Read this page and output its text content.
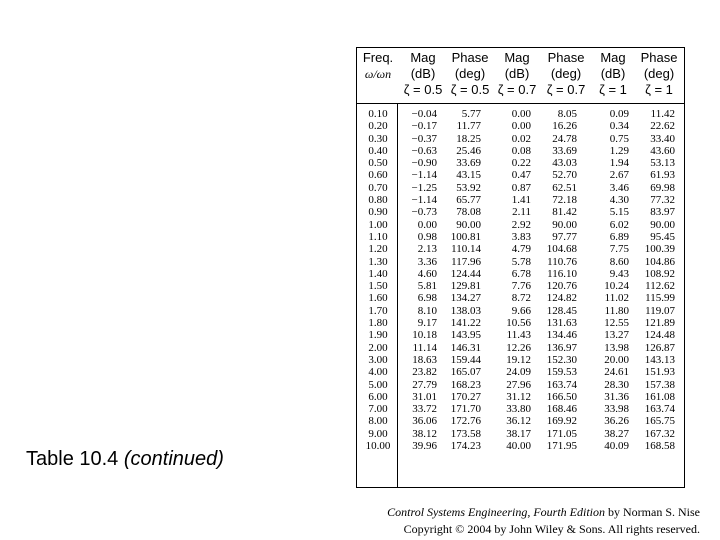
Table 10.4 (continued)
Freq.
ω/ωn
Mag
(dB)
ζ = 0.5
Phase
(deg)
ζ = 0.5
Mag
(dB)
ζ = 0.7
Phase
(deg)
ζ = 0.7
Mag
(dB)
ζ = 1
Phase
(deg)
ζ = 1
0.10
0.20
0.30
0.40
0.50
0.60
0.70
0.80
0.90
1.00
1.10
1.20
1.30
1.40
1.50
1.60
1.70
1.80
1.90
2.00
3.00
4.00
5.00
6.00
7.00
8.00
9.00
10.00
−0.04
−0.17
−0.37
−0.63
−0.90
−1.14
−1.25
−1.14
−0.73
0.00
0.98
2.13
3.36
4.60
5.81
6.98
8.10
9.17
10.18
11.14
18.63
23.82
27.79
31.01
33.72
36.06
38.12
39.96
5.77
11.77
18.25
25.46
33.69
43.15
53.92
65.77
78.08
90.00
100.81
110.14
117.96
124.44
129.81
134.27
138.03
141.22
143.95
146.31
159.44
165.07
168.23
170.27
171.70
172.76
173.58
174.23
0.00
0.00
0.02
0.08
0.22
0.47
0.87
1.41
2.11
2.92
3.83
4.79
5.78
6.78
7.76
8.72
9.66
10.56
11.43
12.26
19.12
24.09
27.96
31.12
33.80
36.12
38.17
40.00
8.05
16.26
24.78
33.69
43.03
52.70
62.51
72.18
81.42
90.00
97.77
104.68
110.76
116.10
120.76
124.82
128.45
131.63
134.46
136.97
152.30
159.53
163.74
166.50
168.46
169.92
171.05
171.95
0.09
0.34
0.75
1.29
1.94
2.67
3.46
4.30
5.15
6.02
6.89
7.75
8.60
9.43
10.24
11.02
11.80
12.55
13.27
13.98
20.00
24.61
28.30
31.36
33.98
36.26
38.27
40.09
11.42
22.62
33.40
43.60
53.13
61.93
69.98
77.32
83.97
90.00
95.45
100.39
104.86
108.92
112.62
115.99
119.07
121.89
124.48
126.87
143.13
151.93
157.38
161.08
163.74
165.75
167.32
168.58
Control Systems Engineering, Fourth Edition by Norman S. Nise
Copyright © 2004 by John Wiley & Sons. All rights reserved.
